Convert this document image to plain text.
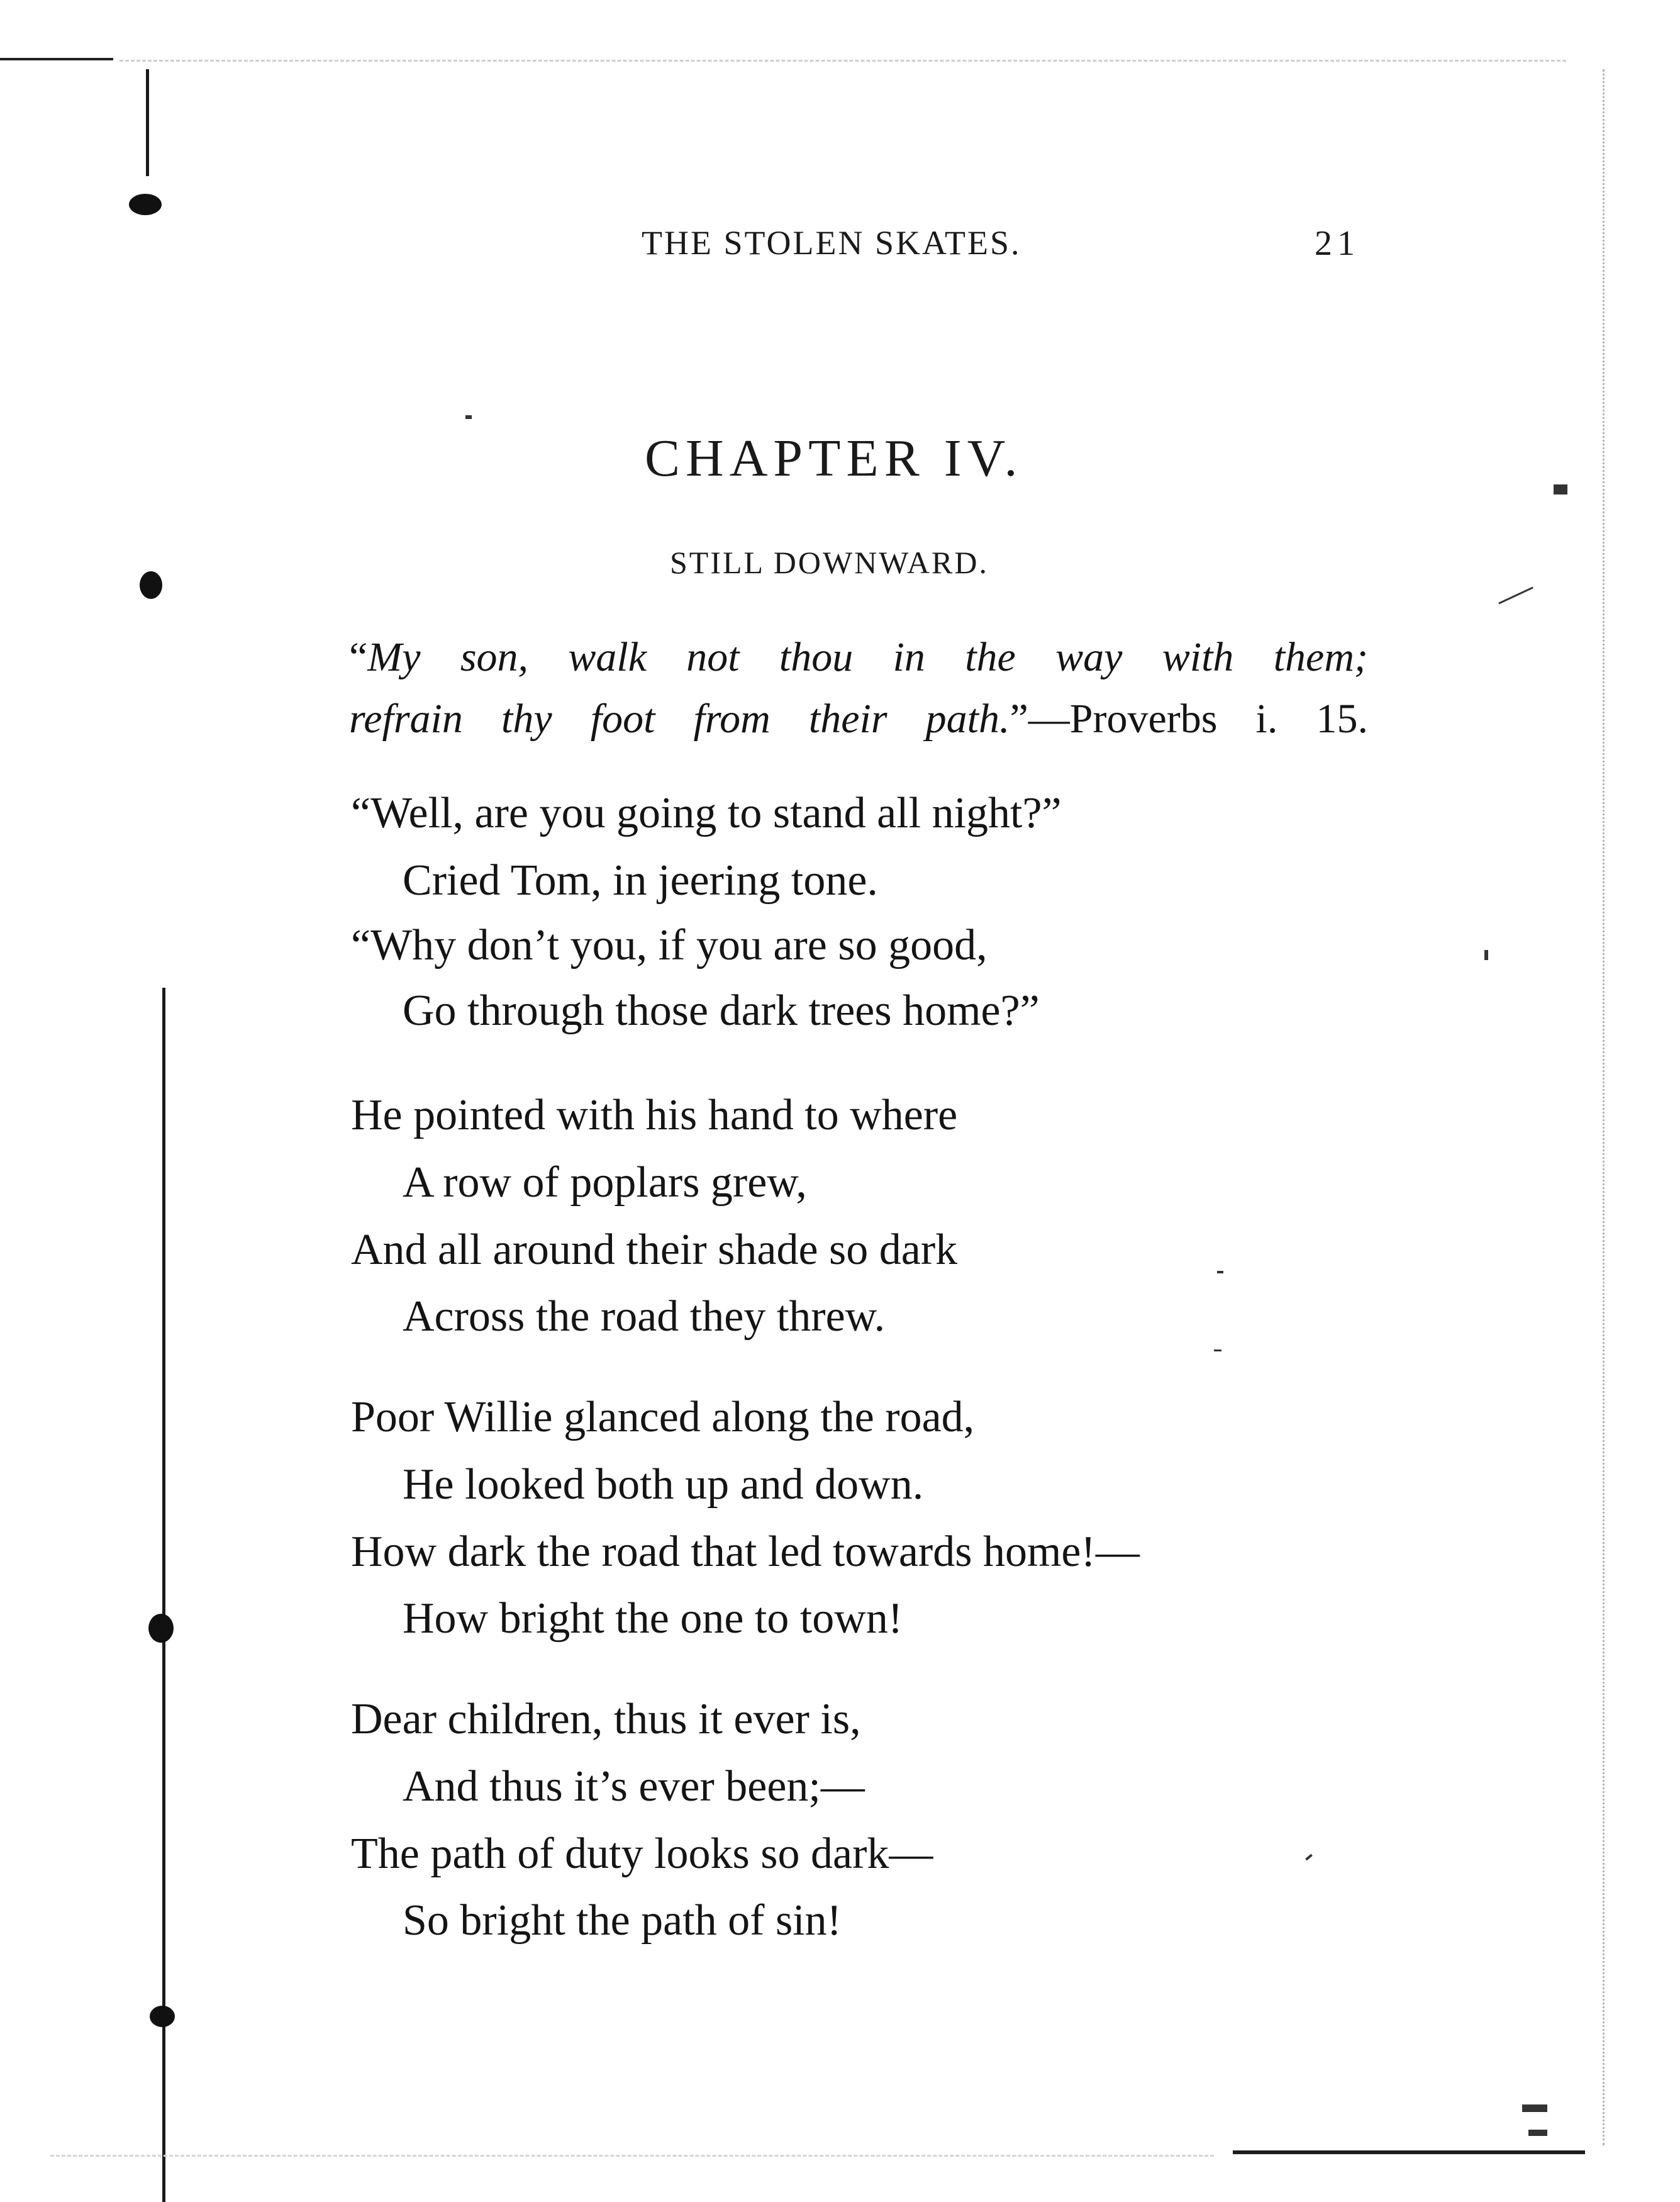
THE STOLEN SKATES.	21
CHAPTER IV.
STILL DOWNWARD.
“My son, walk not thou in the way with them;
refrain thy foot from their path.”—Proverbs i. 15.
“Well, are you going to stand all night?”
Cried Tom, in jeering tone.
“Why don’t you, if you are so good,
Go through those dark trees home?”
He pointed with his hand to where
A row of poplars grew,
And all around their shade so dark
Across the road they threw.
Poor Willie glanced along the road,
He looked both up and down.
How dark the road that led towards home!—
How bright the one to town!
Dear children, thus it ever is,
And thus it’s ever been;—
The path of duty looks so dark—
So bright the path of sin!
